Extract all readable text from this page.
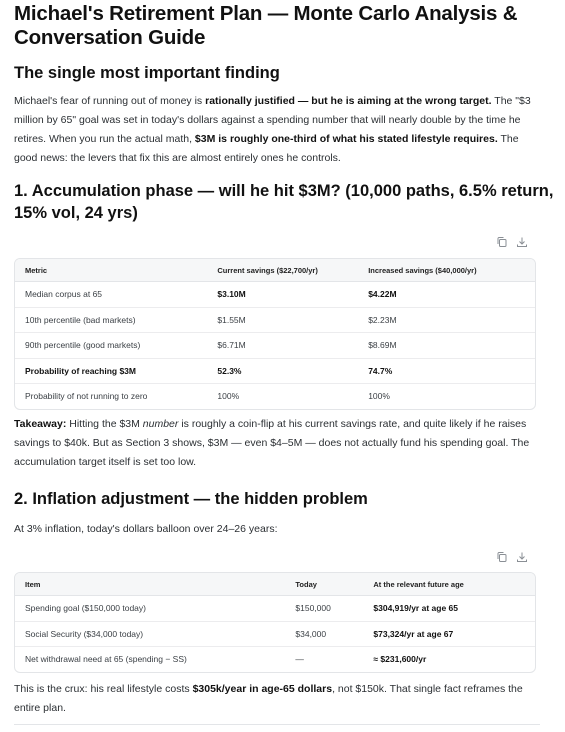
Michael's Retirement Plan — Monte Carlo Analysis & Conversation Guide
The single most important finding

Michael's fear of running out of money is rationally justified — but he is aiming at the wrong target. The "$3 million by 65" goal was set in today's dollars against a spending number that will nearly double by the time he retires. When you run the actual math, $3M is roughly one-third of what his stated lifestyle requires. The good news: the levers that fix this are almost entirely ones he controls.

1. Accumulation phase — will he hit $3M? (10,000 paths, 6.5% return, 15% vol, 24 yrs)
Metric	Current savings ($22,700/yr)	Increased savings ($40,000/yr)
Median corpus at 65	$3.10M	$4.22M
10th percentile (bad markets)	$1.55M	$2.23M
90th percentile (good markets)	$6.71M	$8.69M
Probability of reaching $3M	52.3%	74.7%
Probability of not running to zero	100%	100%

Takeaway: Hitting the $3M number is roughly a coin-flip at his current savings rate, and quite likely if he raises savings to $40k. But as Section 3 shows, $3M — even $4–5M — does not actually fund his spending goal. The accumulation target itself is set too low.

2. Inflation adjustment — the hidden problem

At 3% inflation, today's dollars balloon over 24–26 years:

Item	Today	At the relevant future age
Spending goal ($150,000 today)	$150,000	$304,919/yr at age 65
Social Security ($34,000 today)	$34,000	$73,324/yr at age 67
Net withdrawal need at 65 (spending − SS)	—	≈ $231,600/yr

This is the crux: his real lifestyle costs $305k/year in age-65 dollars, not $150k. That single fact reframes the entire plan.
